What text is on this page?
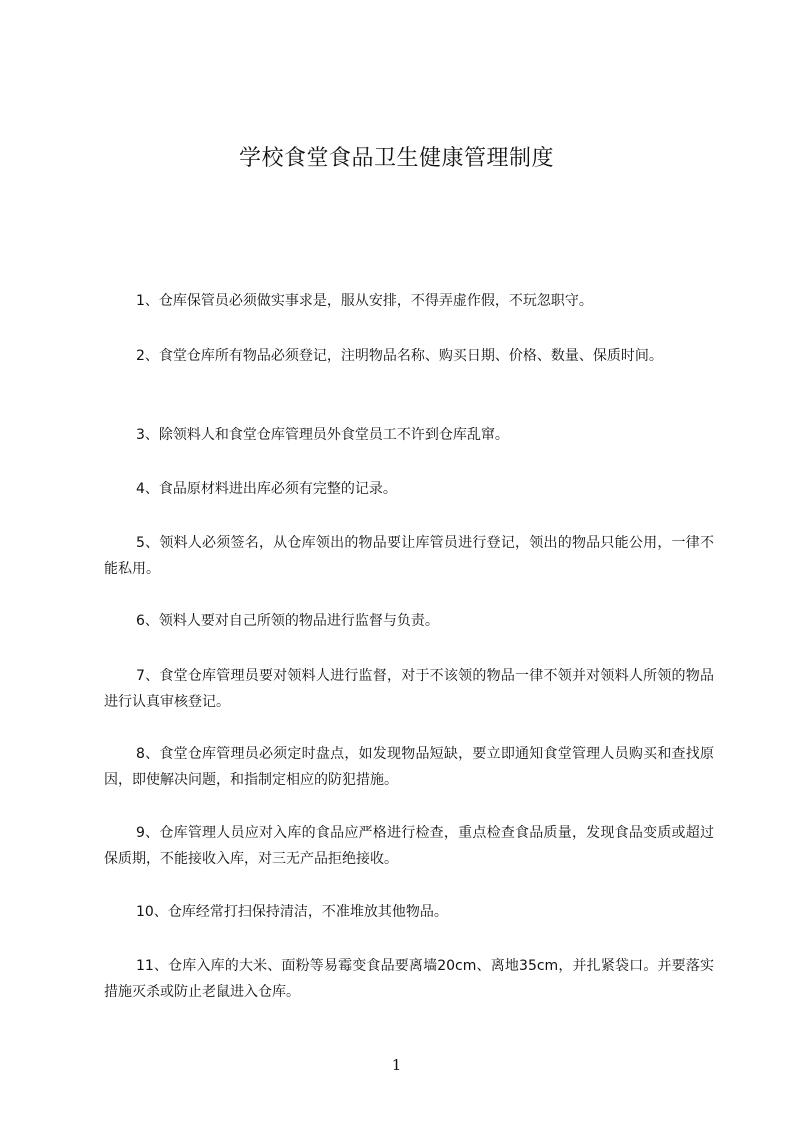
学校食堂食品卫生健康管理制度

1、仓库保管员必须做实事求是，服从安排，不得弄虚作假，不玩忽职守。

2、食堂仓库所有物品必须登记，注明物品名称、购买日期、价格、数量、保质时间。

3、除领料人和食堂仓库管理员外食堂员工不许到仓库乱窜。

4、食品原材料进出库必须有完整的记录。

5、领料人必须签名，从仓库领出的物品要让库管员进行登记，领出的物品只能公用，一律不能私用。

6、领料人要对自己所领的物品进行监督与负责。

7、食堂仓库管理员要对领料人进行监督，对于不该领的物品一律不领并对领料人所领的物品进行认真审核登记。

8、食堂仓库管理员必须定时盘点，如发现物品短缺，要立即通知食堂管理人员购买和查找原因，即使解决问题，和指制定相应的防犯措施。

9、仓库管理人员应对入库的食品应严格进行检查，重点检查食品质量，发现食品变质或超过保质期，不能接收入库，对三无产品拒绝接收。

10、仓库经常打扫保持清洁，不准堆放其他物品。

11、仓库入库的大米、面粉等易霉变食品要离墙20cm、离地35cm，并扎紧袋口。并要落实措施灭杀或防止老鼠进入仓库。

1
